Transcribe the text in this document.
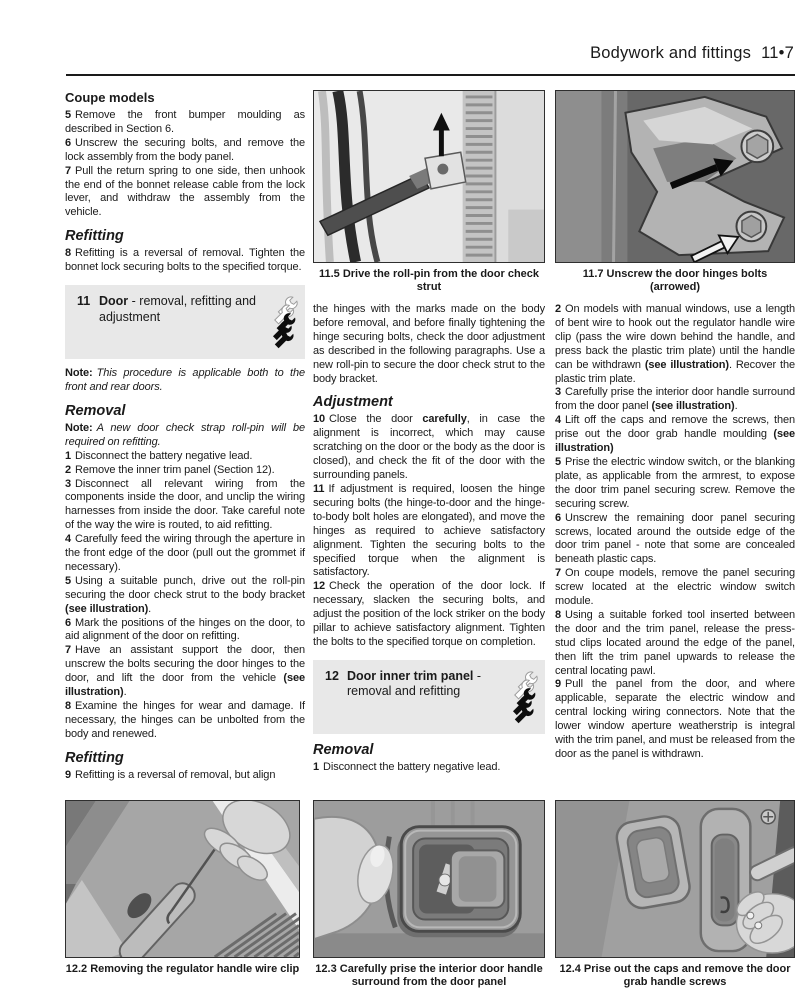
Bodywork and fittings 11•7
Coupe models

5 Remove the front bumper moulding as described in Section 6.

6 Unscrew the securing bolts, and remove the lock assembly from the body panel.

7 Pull the return spring to one side, then unhook the end of the bonnet release cable from the lock lever, and withdraw the assembly from the vehicle.

Refitting

8 Refitting is a reversal of removal. Tighten the bonnet lock securing bolts to the specified torque.

11 Door - removal, refitting and adjustment

Note: This procedure is applicable both to the front and rear doors.

Removal

Note: A new door check strap roll-pin will be required on refitting.

1 Disconnect the battery negative lead.

2 Remove the inner trim panel (Section 12).

3 Disconnect all relevant wiring from the components inside the door, and unclip the wiring harnesses from inside the door. Take careful note of the way the wire is routed, to aid refitting.

4 Carefully feed the wiring through the aperture in the front edge of the door (pull out the grommet if necessary).

5 Using a suitable punch, drive out the roll-pin securing the door check strut to the body bracket (see illustration).

6 Mark the positions of the hinges on the door, to aid alignment of the door on refitting.

7 Have an assistant support the door, then unscrew the bolts securing the door hinges to the door, and lift the door from the vehicle (see illustration).

8 Examine the hinges for wear and damage. If necessary, the hinges can be unbolted from the body and renewed.

Refitting

9 Refitting is a reversal of removal, but align

11.5 Drive the roll-pin from the door check strut

the hinges with the marks made on the body before removal, and before finally tightening the hinge securing bolts, check the door adjustment as described in the following paragraphs. Use a new roll-pin to secure the door check strut to the body bracket.

Adjustment

10 Close the door carefully, in case the alignment is incorrect, which may cause scratching on the door or the body as the door is closed), and check the fit of the door with the surrounding panels.

11 If adjustment is required, loosen the hinge securing bolts (the hinge-to-door and the hinge-to-body bolt holes are elongated), and move the hinges as required to achieve satisfactory alignment. Tighten the securing bolts to the specified torque when the alignment is satisfactory.

12 Check the operation of the door lock. If necessary, slacken the securing bolts, and adjust the position of the lock striker on the body pillar to achieve satisfactory alignment. Tighten the bolts to the specified torque on completion.

12 Door inner trim panel - removal and refitting
Removal

1 Disconnect the battery negative lead.

11.7 Unscrew the door hinges bolts (arrowed)

2 On models with manual windows, use a length of bent wire to hook out the regulator handle wire clip (pass the wire down behind the handle, and press back the plastic trim plate) until the handle can be withdrawn (see illustration). Recover the plastic trim plate.

3 Carefully prise the interior door handle surround from the door panel (see illustration).

4 Lift off the caps and remove the screws, then prise out the door grab handle moulding (see illustration)

5 Prise the electric window switch, or the blanking plate, as applicable from the armrest, to expose the door trim panel securing screw. Remove the securing screw.

6 Unscrew the remaining door panel securing screws, located around the outside edge of the door trim panel - note that some are concealed beneath plastic caps.

7 On coupe models, remove the panel securing screw located at the electric window switch module.

8 Using a suitable forked tool inserted between the door and the trim panel, release the press-stud clips located around the edge of the panel, then lift the trim panel upwards to release the central locating pawl.

9 Pull the panel from the door, and where applicable, separate the electric window and central locking wiring connectors. Note that the lower window aperture weatherstrip is integral with the trim panel, and must be released from the door as the panel is withdrawn.

12.2 Removing the regulator handle wire clip 12.3 Carefully prise the interior door handle surround from the door panel
12.4 Prise out the caps and remove the door grab handle screws
